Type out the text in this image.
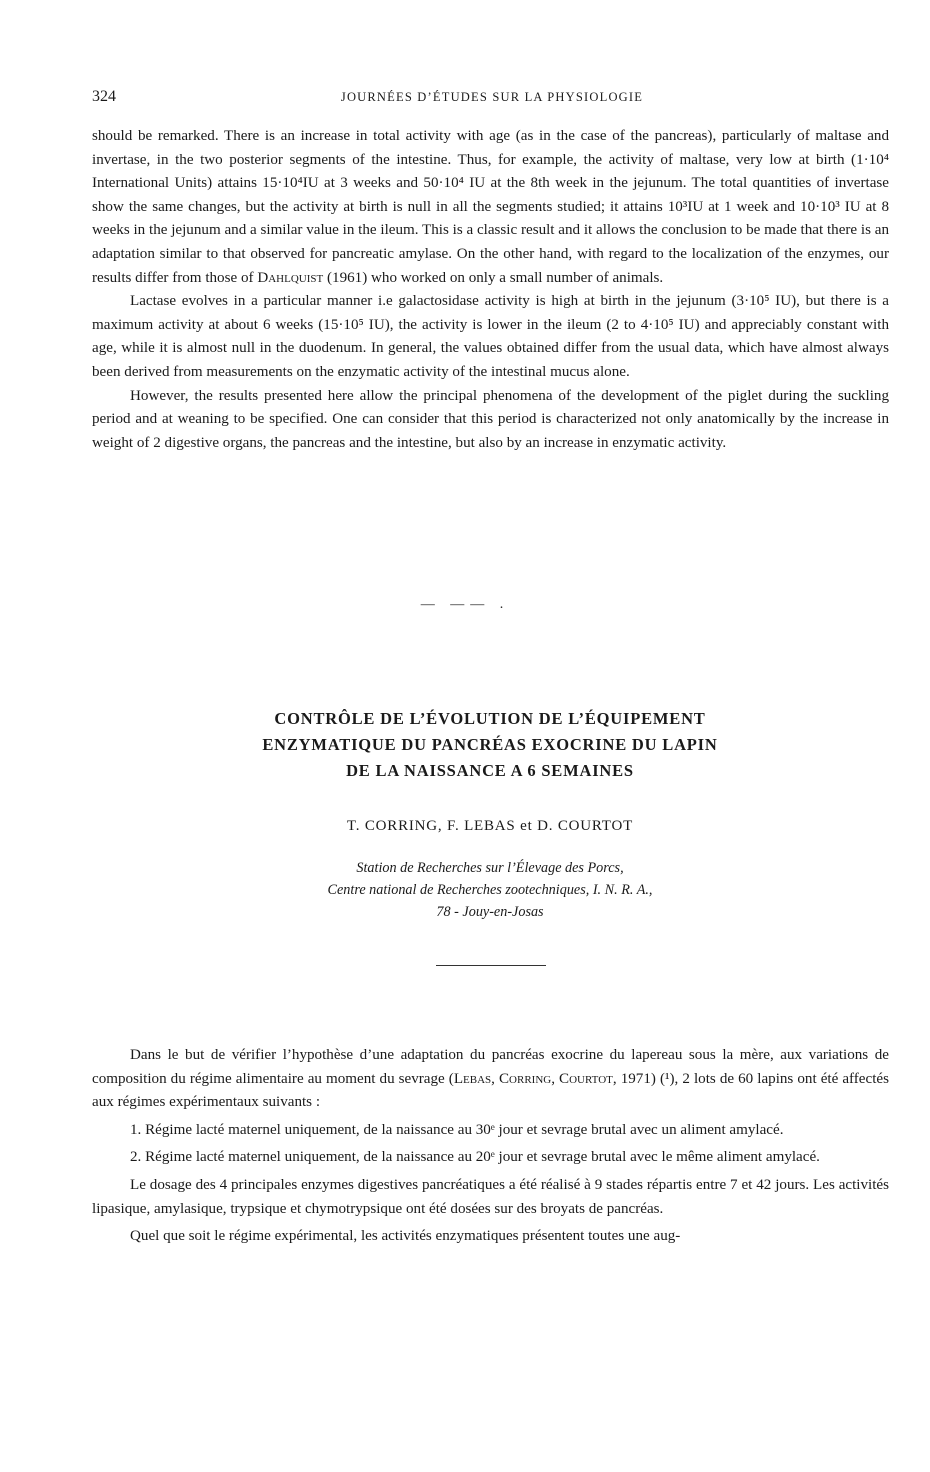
324	JOURNÉES D’ÉTUDES SUR LA PHYSIOLOGIE

should be remarked. There is an increase in total activity with age (as in the case of the pancreas), particularly of maltase and invertase, in the two posterior segments of the intestine. Thus, for example, the activity of maltase, very low at birth (1·10⁴ International Units) attains 15·10⁴IU at 3 weeks and 50·10⁴ IU at the 8th week in the jejunum. The total quantities of invertase show the same changes, but the activity at birth is null in all the segments studied; it attains 10³IU at 1 week and 10·10³ IU at 8 weeks in the jejunum and a similar value in the ileum. This is a classic result and it allows the conclusion to be made that there is an adaptation similar to that observed for pancreatic amylase. On the other hand, with regard to the localization of the enzymes, our results differ from those of Dahlquist (1961) who worked on only a small number of animals.

Lactase evolves in a particular manner i.e galactosidase activity is high at birth in the jejunum (3·10⁵ IU), but there is a maximum activity at about 6 weeks (15·10⁵ IU), the activity is lower in the ileum (2 to 4·10⁵ IU) and appreciably constant with age, while it is almost null in the duodenum. In general, the values obtained differ from the usual data, which have almost always been derived from measurements on the enzymatic activity of the intestinal mucus alone.

However, the results presented here allow the principal phenomena of the development of the piglet during the suckling period and at weaning to be specified. One can consider that this period is characterized not only anatomically by the increase in weight of 2 digestive organs, the pancreas and the intestine, but also by an increase in enzymatic activity.

— —— .
CONTRÔLE DE L’ÉVOLUTION DE L’ÉQUIPEMENT
ENZYMATIQUE DU PANCRÉAS EXOCRINE DU LAPIN
DE LA NAISSANCE A 6 SEMAINES
T. CORRING, F. LEBAS et D. COURTOT
Station de Recherches sur l’Élevage des Porcs,
Centre national de Recherches zootechniques, I. N. R. A.,
78 - Jouy-en-Josas

Dans le but de vérifier l’hypothèse d’une adaptation du pancréas exocrine du lapereau sous la mère, aux variations de composition du régime alimentaire au moment du sevrage (Lebas, Corring, Courtot, 1971) (¹), 2 lots de 60 lapins ont été affectés aux régimes expérimentaux suivants :

1. Régime lacté maternel uniquement, de la naissance au 30ᵉ jour et sevrage brutal avec un aliment amylacé.

2. Régime lacté maternel uniquement, de la naissance au 20ᵉ jour et sevrage brutal avec le même aliment amylacé.

Le dosage des 4 principales enzymes digestives pancréatiques a été réalisé à 9 stades répartis entre 7 et 42 jours. Les activités lipasique, amylasique, trypsique et chymotrypsique ont été dosées sur des broyats de pancréas.

Quel que soit le régime expérimental, les activités enzymatiques présentent toutes une aug-
